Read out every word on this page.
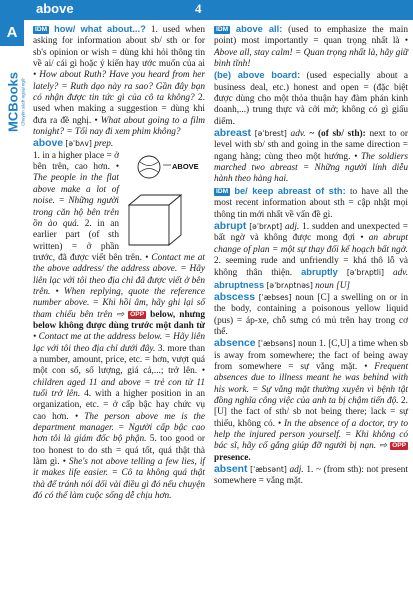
above	4
A
MCBooks Chuyên sách ngoại ngữ

IDM how/ what about...? 1. used when asking for information about sb/ sth or for sb's opinion or wish = dùng khi hỏi thông tin về ai/ cái gì hoặc ý kiến hay ước muốn của ai • How about Ruth? Have you heard from her lately? = Ruth dạo này ra sao? Gần đây bạn có nhận được tin tức gì của cô ta không? 2. used when making a suggestion = dùng khi đưa ra đề nghị. • What about going to a film tonight? = Tối nay đi xem phim không?

above [əˈbʌv] prep.

ABOVE

1. in a higher place = ở bên trên, cao hơn. • The people in the flat above make a lot of noise. = Những người trong căn hộ bên trên ồn ào quá. 2. in an earlier part (of sth written) = ở phần trước, đã được viết bên trên. • Contact me at the above address/ the address above. = Hãy liên lạc với tôi theo địa chỉ đã được viết ở bên trên. • When replying, quote the reference number above. = Khi hồi âm, hãy ghi lại số tham chiếu bên trên ⇨ OPP below, nhưng below không được dùng trước một danh từ • Contact me at the address below. = Hãy liên lạc với tôi theo địa chỉ dưới đây. 3. more than a number, amount, price, etc. = hơn, vượt quá một con số, số lượng, giá cả,...; trở lên. • children aged 11 and above = trẻ con từ 11 tuổi trở lên. 4. with a higher position in an organization, etc. = ở cấp bậc hay chức vụ cao hơn. • The person above me is the department manager. = Người cấp bậc cao hơn tôi là giám đốc bộ phận. 5. too good or too honest to do sth = quá tốt, quá thật thà làm gì. • She's not above telling a few lies, if it makes life easier. = Cô ta không quá thật thà để tránh nói dối vài điều gì đó nếu chuyện đó có thể làm cuộc sống dễ chịu hơn.

IDM above all: (used to emphasize the main point) most importantly = quan trọng nhất là • Above all, stay calm! = Quan trọng nhất là, hãy giữ bình tĩnh!

(be) above board: (used especially about a business deal, etc.) honest and open = (đặc biệt được dùng cho một thỏa thuận hay đàm phán kinh doanh,...) trung thực và cởi mở; không có gì giấu diếm.

abreast [əˈbrest] adv. ~ (of sb/ sth): next to or level with sb/ sth and going in the same direction = ngang hàng; cùng theo một hướng. • The soldiers marched two abreast = Những người lính diễu hành theo hàng hai.

IDM be/ keep abreast of sth: to have all the most recent information about sth = cập nhật mọi thông tin mới nhất về vấn đề gì.

abrupt [əˈbrʌpt] adj. 1. sudden and unexpected = bất ngờ và không được mong đợi • an abrupt change of plan = một sự thay đổi kế hoạch bất ngờ. 2. seeming rude and unfriendly = khá thô lỗ và không thân thiện. abruptly [əˈbrʌptli] adv. abruptness [əˈbrʌptnəs] noun [U]

abscess [ˈæbses] noun [C] a swelling on or in the body, containing a poisonous yellow liquid (pus) = áp-xe, chỗ sưng có mủ trên hay trong cơ thể.

absence [ˈæbsəns] noun 1. [C,U] a time when sb is away from somewhere; the fact of being away from somewhere = sự vắng mặt. • Frequent absences due to illness meant he was behind with his work. = Sự vắng mặt thường xuyên vì bệnh tật đồng nghĩa công việc của anh ta bị chậm tiến độ. 2. [U] the fact of sth/ sb not being there; lack = sự thiếu, không có. • In the absence of a doctor, try to help the injured person yourself. = Khi không có bác sĩ, hãy cố gắng giúp đỡ người bị nạn. ⇨ OPP presence.

absent [ˈæbsənt] adj. 1. ~ (from sth): not present somewhere = vắng mặt.
